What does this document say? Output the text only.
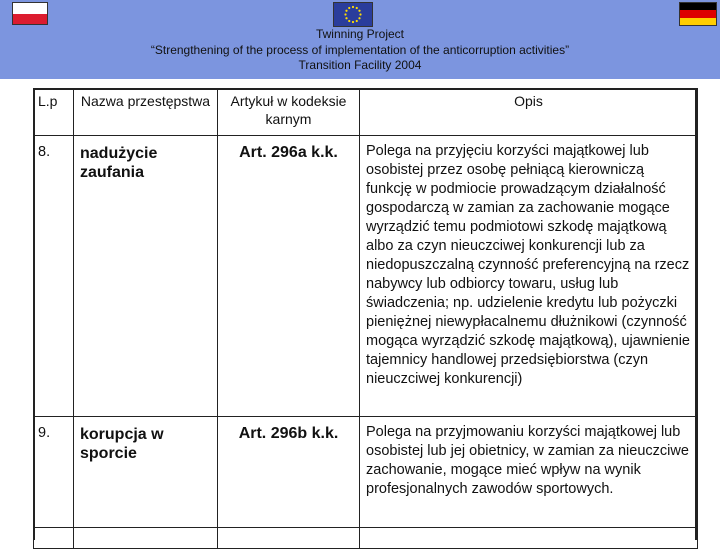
Twinning Project
“Strengthening of the process of implementation of the anticorruption activities”
Transition Facility 2004
L.p	Nazwa przestępstwa	Artykuł w kodeksie karnym	Opis
8.	nadużycie zaufania	Art. 296a k.k.	Polega na przyjęciu korzyści majątkowej lub osobistej przez osobę pełniącą kierowniczą funkcję w podmiocie prowadzącym działalność gospodarczą w zamian za zachowanie mogące wyrządzić temu podmiotowi szkodę majątkową albo za czyn nieuczciwej konkurencji lub za niedopuszczalną czynność preferencyjną na rzecz nabywcy lub odbiorcy towaru, usług lub świadczenia; np. udzielenie kredytu lub pożyczki pieniężnej niewypłacalnemu dłużnikowi (czynność mogąca wyrządzić szkodę majątkową), ujawnienie tajemnicy handlowej przedsiębiorstwa (czyn nieuczciwej konkurencji)
9.	korupcja w sporcie	Art. 296b k.k.	Polega na przyjmowaniu korzyści majątkowej lub osobistej lub jej obietnicy, w zamian za nieuczciwe zachowanie, mogące mieć wpływ na wynik profesjonalnych zawodów sportowych.
